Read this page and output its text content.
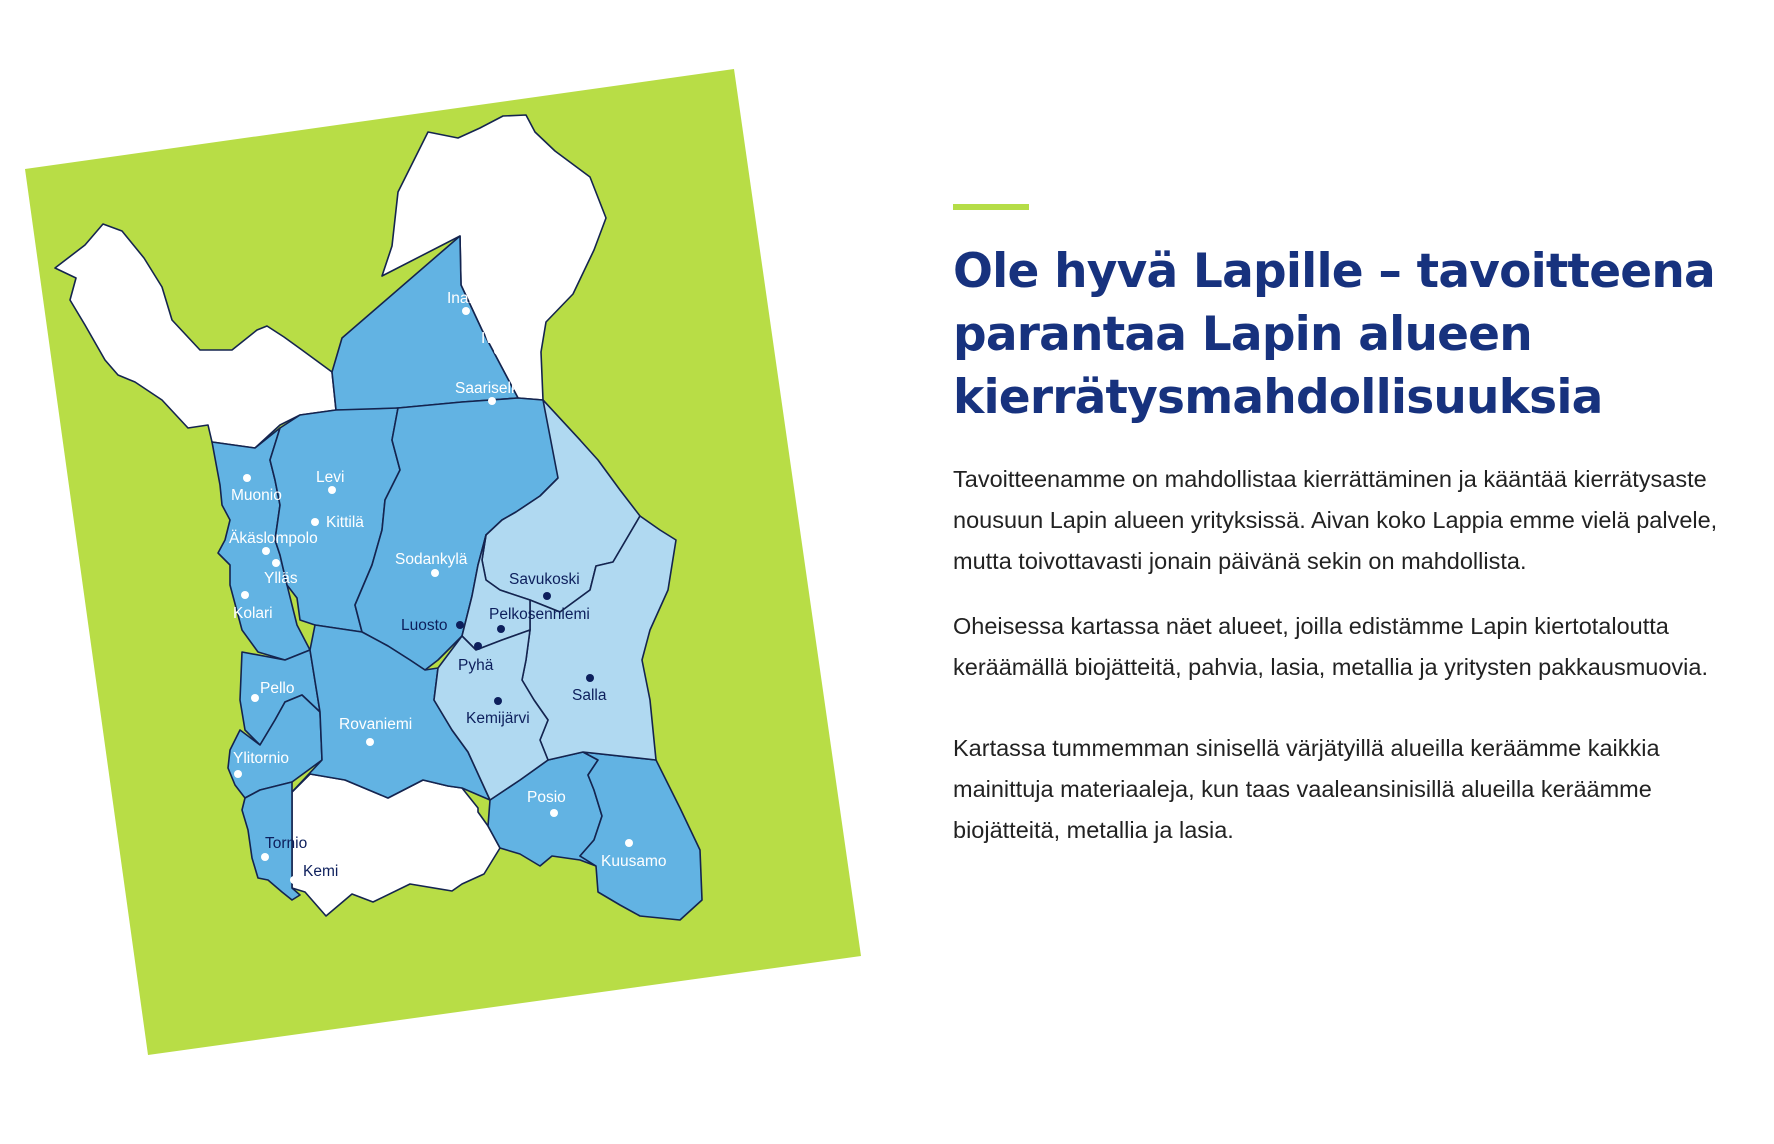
Inari
Ivalo
Saariselkä
Muonio
Levi
Kittilä
Äkäslompolo
Ylläs
Kolari
Sodankylä
Savukoski
Luosto
Pelkosenniemi
Pyhä
Salla
Pello
Rovaniemi	Kemijärvi
Ylitornio
Posio
Tornio
Kemi
Kuusamo
Ole hyvä Lapille – tavoitteena parantaa Lapin alueen kierrätysmahdollisuuksia

Tavoitteenamme on mahdollistaa kierrättäminen ja kääntää kierrätysaste nousuun Lapin alueen yrityksissä. Aivan koko Lappia emme vielä palvele, mutta toivottavasti jonain päivänä sekin on mahdollista.

Oheisessa kartassa näet alueet, joilla edistämme Lapin kiertotaloutta keräämällä biojätteitä, pahvia, lasia, metallia ja yritysten pakkausmuovia.

Kartassa tummemman sinisellä värjätyillä alueilla keräämme kaikkia mainittuja materiaaleja, kun taas vaaleansinisillä alueilla keräämme biojätteitä, metallia ja lasia.
